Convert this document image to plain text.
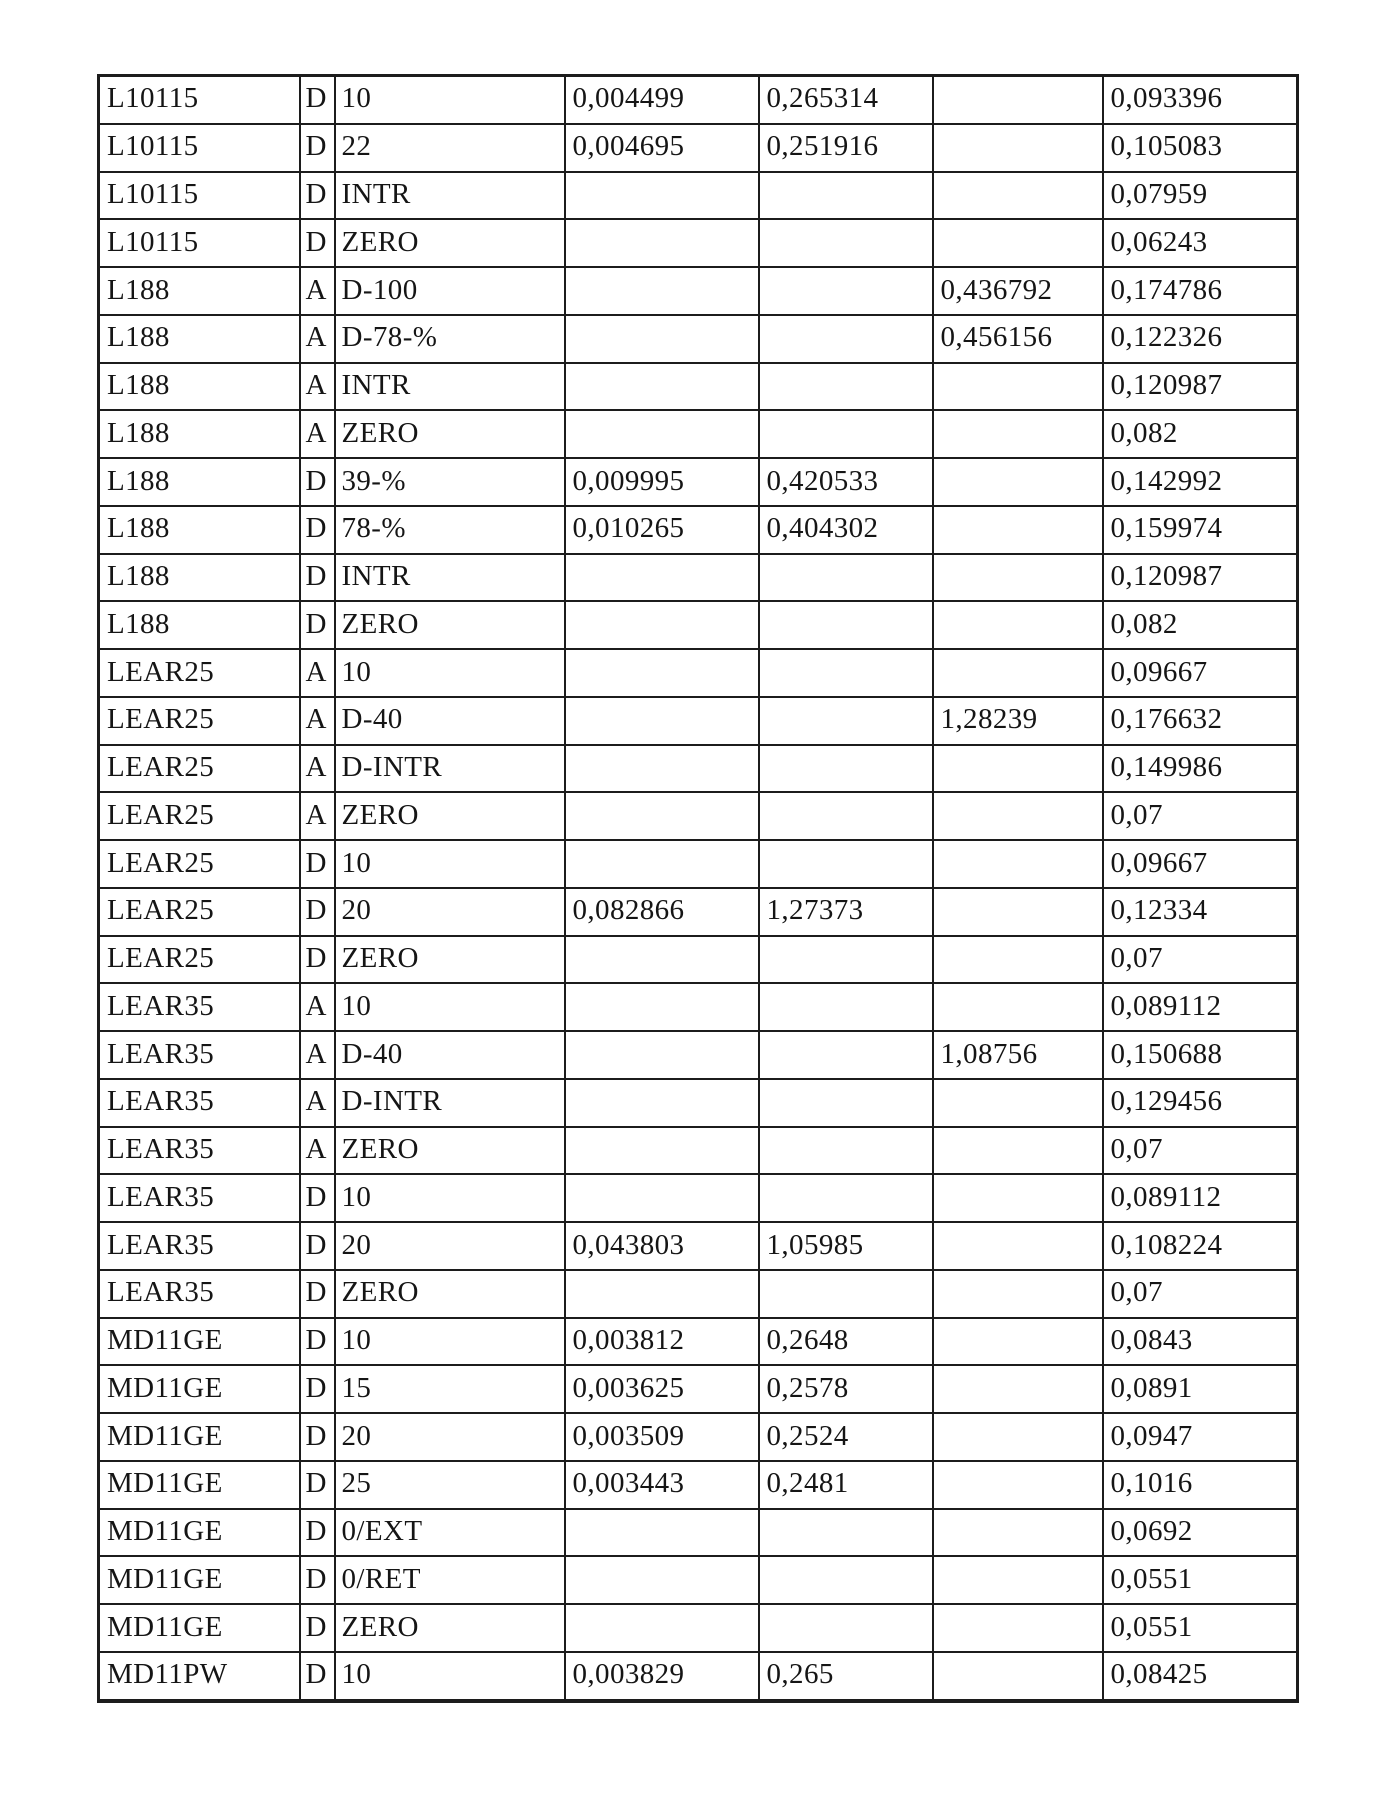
L10115	D	10	0,004499	0,265314		0,093396
L10115	D	22	0,004695	0,251916		0,105083
L10115	D	INTR				0,07959
L10115	D	ZERO				0,06243
L188	A	D-100			0,436792	0,174786
L188	A	D-78-%			0,456156	0,122326
L188	A	INTR				0,120987
L188	A	ZERO				0,082
L188	D	39-%	0,009995	0,420533		0,142992
L188	D	78-%	0,010265	0,404302		0,159974
L188	D	INTR				0,120987
L188	D	ZERO				0,082
LEAR25	A	10				0,09667
LEAR25	A	D-40			1,28239	0,176632
LEAR25	A	D-INTR				0,149986
LEAR25	A	ZERO				0,07
LEAR25	D	10				0,09667
LEAR25	D	20	0,082866	1,27373		0,12334
LEAR25	D	ZERO				0,07
LEAR35	A	10				0,089112
LEAR35	A	D-40			1,08756	0,150688
LEAR35	A	D-INTR				0,129456
LEAR35	A	ZERO				0,07
LEAR35	D	10				0,089112
LEAR35	D	20	0,043803	1,05985		0,108224
LEAR35	D	ZERO				0,07
MD11GE	D	10	0,003812	0,2648		0,0843
MD11GE	D	15	0,003625	0,2578		0,0891
MD11GE	D	20	0,003509	0,2524		0,0947
MD11GE	D	25	0,003443	0,2481		0,1016
MD11GE	D	0/EXT				0,0692
MD11GE	D	0/RET				0,0551
MD11GE	D	ZERO				0,0551
MD11PW	D	10	0,003829	0,265		0,08425
